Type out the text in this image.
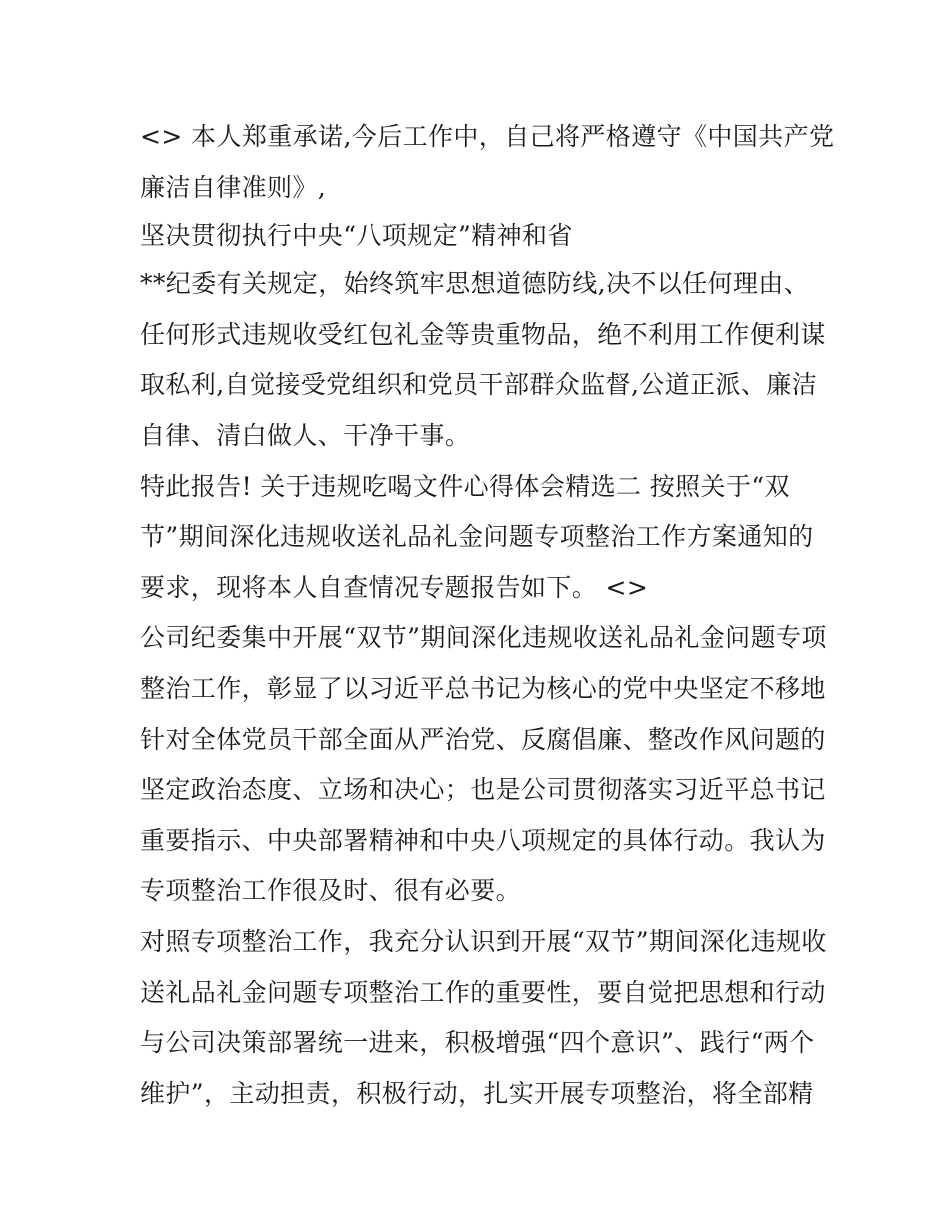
<> 本人郑重承诺,今后工作中，自己将严格遵守《中国共产党
廉洁自律准则》,
坚决贯彻执行中央“八项规定”精神和省
**纪委有关规定，始终筑牢思想道德防线,决不以任何理由、
任何形式违规收受红包礼金等贵重物品，绝不利用工作便利谋
取私利,自觉接受党组织和党员干部群众监督,公道正派、廉洁
自律、清白做人、干净干事。
特此报告! 关于违规吃喝文件心得体会精选二 按照关于“双
节”期间深化违规收送礼品礼金问题专项整治工作方案通知的
要求，现将本人自查情况专题报告如下。 <>
公司纪委集中开展“双节”期间深化违规收送礼品礼金问题专项
整治工作，彰显了以习近平总书记为核心的党中央坚定不移地
针对全体党员干部全面从严治党、反腐倡廉、整改作风问题的
坚定政治态度、立场和决心；也是公司贯彻落实习近平总书记
重要指示、中央部署精神和中央八项规定的具体行动。我认为
专项整治工作很及时、很有必要。
对照专项整治工作，我充分认识到开展“双节”期间深化违规收
送礼品礼金问题专项整治工作的重要性，要自觉把思想和行动
与公司决策部署统一进来，积极增强“四个意识”、践行“两个
维护”，主动担责，积极行动，扎实开展专项整治，将全部精
